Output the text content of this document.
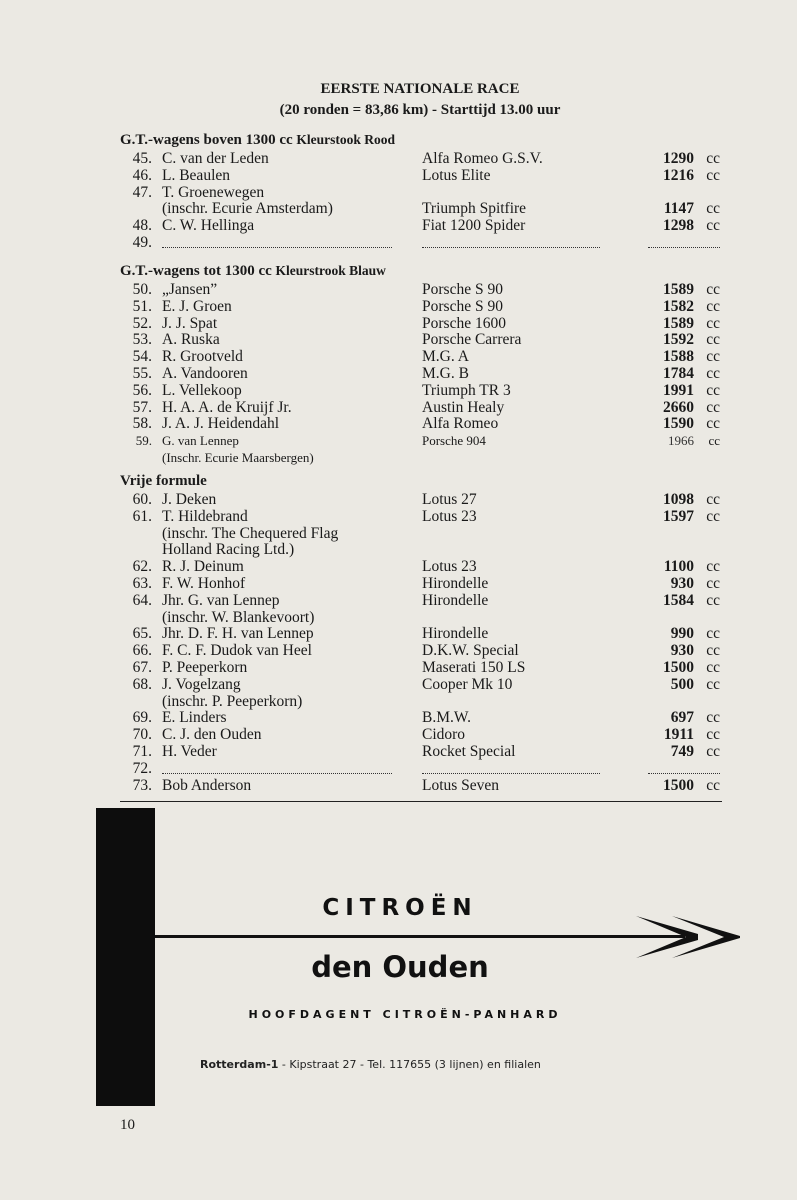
EERSTE NATIONALE RACE
(20 ronden = 83,86 km) - Starttijd 13.00 uur
G.T.-wagens boven 1300 cc Kleurstook Rood
45. C. van der Leden	Alfa Romeo G.S.V.	1290 cc
46. L. Beaulen	Lotus Elite	1216 cc
47. T. Groenewegen
(inschr. Ecurie Amsterdam)	Triumph Spitfire	1147 cc
48. C. W. Hellinga	Fiat 1200 Spider	1298 cc
49.
G.T.-wagens tot 1300 cc Kleurstrook Blauw
50. „Jansen”	Porsche S 90	1589 cc
51. E. J. Groen	Porsche S 90	1582 cc
52. J. J. Spat	Porsche 1600	1589 cc
53. A. Ruska	Porsche Carrera	1592 cc
54. R. Grootveld	M.G. A	1588 cc
55. A. Vandooren	M.G. B	1784 cc
56. L. Vellekoop	Triumph TR 3	1991 cc
57. H. A. A. de Kruijf Jr.	Austin Healy	2660 cc
58. J. A. J. Heidendahl	Alfa Romeo	1590 cc
59. G. van Lennep	Porsche 904	1966	cc
(Inschr. Ecurie Maarsbergen)
Vrije formule
60. J. Deken	Lotus 27	1098 cc
61. T. Hildebrand	Lotus 23	1597 cc
(inschr. The Chequered Flag
Holland Racing Ltd.)
62. R. J. Deinum	Lotus 23	1100 cc
63. F. W. Honhof	Hirondelle	930 cc
64. Jhr. G. van Lennep	Hirondelle	1584 cc
(inschr. W. Blankevoort)
65. Jhr. D. F. H. van Lennep	Hirondelle	990 cc
66. F. C. F. Dudok van Heel	D.K.W. Special	930 cc
67. P. Peeperkorn	Maserati 150 LS	1500 cc
68. J. Vogelzang	Cooper Mk 10	500 cc
(inschr. P. Peeperkorn)
69. E. Linders	B.M.W.	697 cc
70. C. J. den Ouden	Cidoro	1911 cc
71. H. Veder	Rocket Special	749 cc
72.
73. Bob Anderson	Lotus Seven	1500 cc
CITROËN
den Ouden
HOOFDAGENT CITROËN-PANHARD
Rotterdam-1 - Kipstraat 27 - Tel. 117655 (3 lijnen) en filialen
10
